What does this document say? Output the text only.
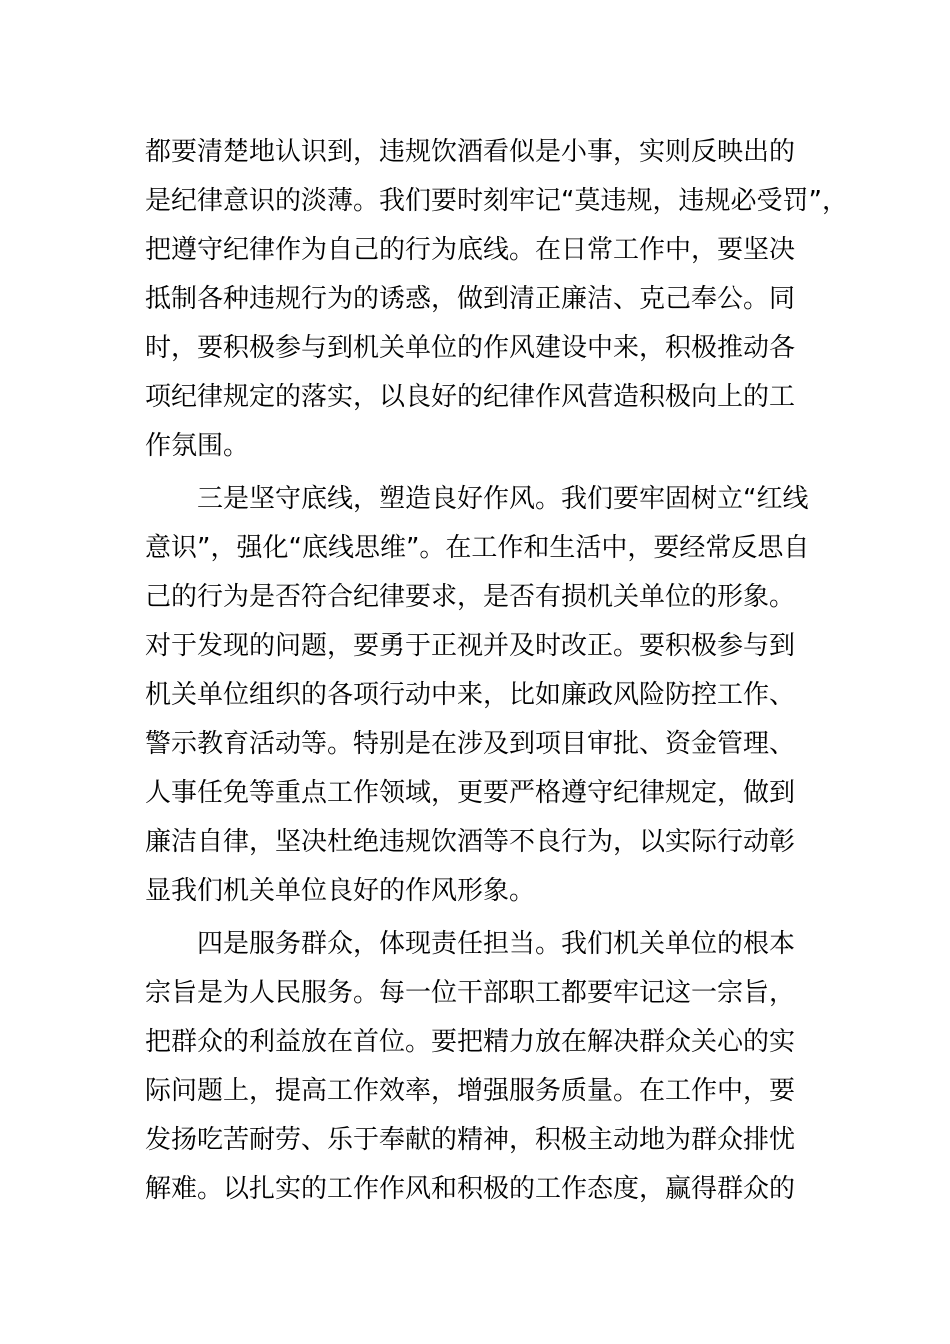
都要清楚地认识到，违规饮酒看似是小事，实则反映出的
是纪律意识的淡薄。我们要时刻牢记“莫违规，违规必受罚”，
把遵守纪律作为自己的行为底线。在日常工作中，要坚决
抵制各种违规行为的诱惑，做到清正廉洁、克己奉公。同
时，要积极参与到机关单位的作风建设中来，积极推动各
项纪律规定的落实，以良好的纪律作风营造积极向上的工
作氛围。
三是坚守底线，塑造良好作风。我们要牢固树立“红线
意识”，强化“底线思维”。在工作和生活中，要经常反思自
己的行为是否符合纪律要求，是否有损机关单位的形象。
对于发现的问题，要勇于正视并及时改正。要积极参与到
机关单位组织的各项行动中来，比如廉政风险防控工作、
警示教育活动等。特别是在涉及到项目审批、资金管理、
人事任免等重点工作领域，更要严格遵守纪律规定，做到
廉洁自律，坚决杜绝违规饮酒等不良行为，以实际行动彰
显我们机关单位良好的作风形象。
四是服务群众，体现责任担当。我们机关单位的根本
宗旨是为人民服务。每一位干部职工都要牢记这一宗旨，
把群众的利益放在首位。要把精力放在解决群众关心的实
际问题上，提高工作效率，增强服务质量。在工作中，要
发扬吃苦耐劳、乐于奉献的精神，积极主动地为群众排忧
解难。以扎实的工作作风和积极的工作态度，赢得群众的
